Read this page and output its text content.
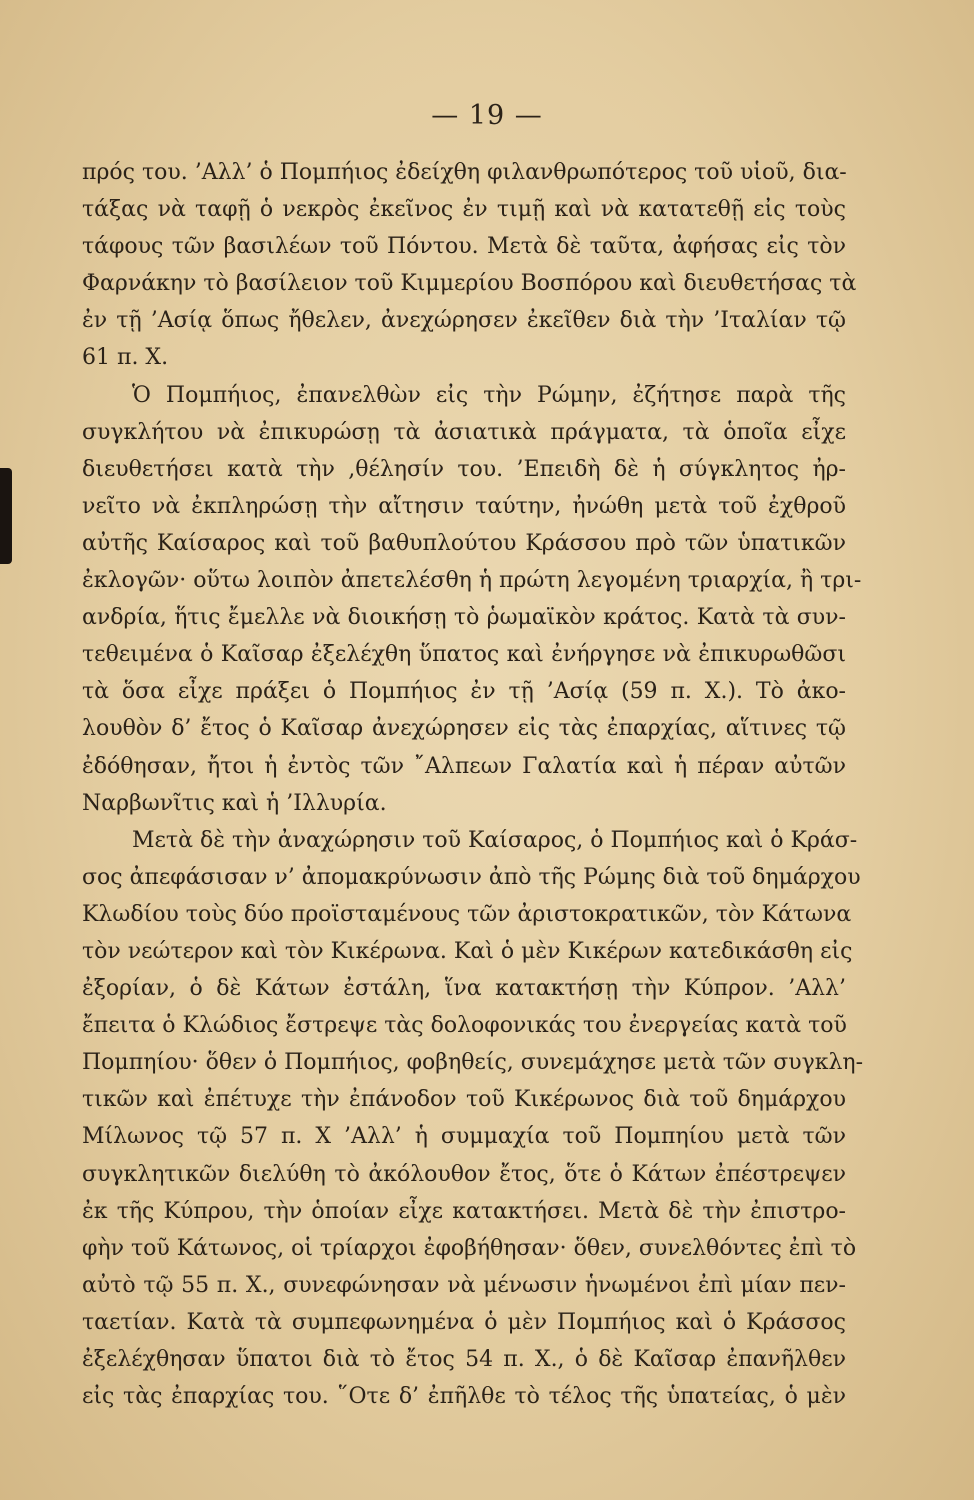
— 19 —
πρός του. ’Αλλ’ ὁ Πομπήιος ἐδείχθη φιλανθρωπότερος τοῦ υἱοῦ, δια-
τάξας νὰ ταφῇ ὁ νεκρὸς ἐκεῖνος ἐν τιμῇ καὶ νὰ κατατεθῇ εἰς τοὺς
τάφους τῶν βασιλέων τοῦ Πόντου. Μετὰ δὲ ταῦτα, ἀφήσας εἰς τὸν
Φαρνάκην τὸ βασίλειον τοῦ Κιμμερίου Βοσπόρου καὶ διευθετήσας τὰ
ἐν τῇ ’Ασίᾳ ὅπως ἤθελεν, ἀνεχώρησεν ἐκεῖθεν διὰ τὴν ’Ιταλίαν τῷ
61 π. Χ.
Ὁ Πομπήιος, ἐπανελθὼν εἰς τὴν Ρώμην, ἐζήτησε παρὰ τῆς
συγκλήτου νὰ ἐπικυρώσῃ τὰ ἀσιατικὰ πράγματα, τὰ ὁποῖα εἶχε
διευθετήσει κατὰ τὴν ,θέλησίν του. ’Επειδὴ δὲ ἡ σύγκλητος ἠρ-
νεῖτο νὰ ἐκπληρώσῃ τὴν αἴτησιν ταύτην, ἠνώθη μετὰ τοῦ ἐχθροῦ
αὐτῆς Καίσαρος καὶ τοῦ βαθυπλούτου Κράσσου πρὸ τῶν ὑπατικῶν
ἐκλογῶν· οὕτω λοιπὸν ἀπετελέσθη ἡ πρώτη λεγομένη τριαρχία, ἢ τρι-
ανδρία, ἥτις ἔμελλε νὰ διοικήσῃ τὸ ῥωμαϊκὸν κράτος. Κατὰ τὰ συν-
τεθειμένα ὁ Καῖσαρ ἐξελέχθη ὕπατος καὶ ἐνήργησε νὰ ἐπικυρωθῶσι
τὰ ὅσα εἶχε πράξει ὁ Πομπήιος ἐν τῇ ’Ασίᾳ (59 π. Χ.). Τὸ ἀκο-
λουθὸν δ’ ἔτος ὁ Καῖσαρ ἀνεχώρησεν εἰς τὰς ἐπαρχίας, αἵτινες τῷ
ἐδόθησαν, ἤτοι ἡ ἐντὸς τῶν ῎Αλπεων Γαλατία καὶ ἡ πέραν αὐτῶν
Ναρβωνῖτις καὶ ἡ ’Ιλλυρία.
Μετὰ δὲ τὴν ἀναχώρησιν τοῦ Καίσαρος, ὁ Πομπήιος καὶ ὁ Κράσ-
σος ἀπεφάσισαν ν’ ἀπομακρύνωσιν ἀπὸ τῆς Ρώμης διὰ τοῦ δημάρχου
Κλωδίου τοὺς δύο προϊσταμένους τῶν ἀριστοκρατικῶν, τὸν Κάτωνα
τὸν νεώτερον καὶ τὸν Κικέρωνα. Καὶ ὁ μὲν Κικέρων κατεδικάσθη εἰς
ἐξορίαν, ὁ δὲ Κάτων ἐστάλη, ἵνα κατακτήσῃ τὴν Κύπρον. ’Αλλ’
ἔπειτα ὁ Κλώδιος ἔστρεψε τὰς δολοφονικάς του ἐνεργείας κατὰ τοῦ
Πομπηίου· ὅθεν ὁ Πομπήιος, φοβηθείς, συνεμάχησε μετὰ τῶν συγκλη-
τικῶν καὶ ἐπέτυχε τὴν ἐπάνοδον τοῦ Κικέρωνος διὰ τοῦ δημάρχου
Μίλωνος τῷ 57 π. Χ ’Αλλ’ ἡ συμμαχία τοῦ Πομπηίου μετὰ τῶν
συγκλητικῶν διελύθη τὸ ἀκόλουθον ἔτος, ὅτε ὁ Κάτων ἐπέστρεψεν
ἐκ τῆς Κύπρου, τὴν ὁποίαν εἶχε κατακτήσει. Μετὰ δὲ τὴν ἐπιστρο-
φὴν τοῦ Κάτωνος, οἱ τρίαρχοι ἐφοβήθησαν· ὅθεν, συνελθόντες ἐπὶ τὸ
αὐτὸ τῷ 55 π. Χ., συνεφώνησαν νὰ μένωσιν ἡνωμένοι ἐπὶ μίαν πεν-
ταετίαν. Κατὰ τὰ συμπεφωνημένα ὁ μὲν Πομπήιος καὶ ὁ Κράσσος
ἐξελέχθησαν ὕπατοι διὰ τὸ ἔτος 54 π. Χ., ὁ δὲ Καῖσαρ ἐπανῆλθεν
εἰς τὰς ἐπαρχίας του. ῞Οτε δ’ ἐπῆλθε τὸ τέλος τῆς ὑπατείας, ὁ μὲν
